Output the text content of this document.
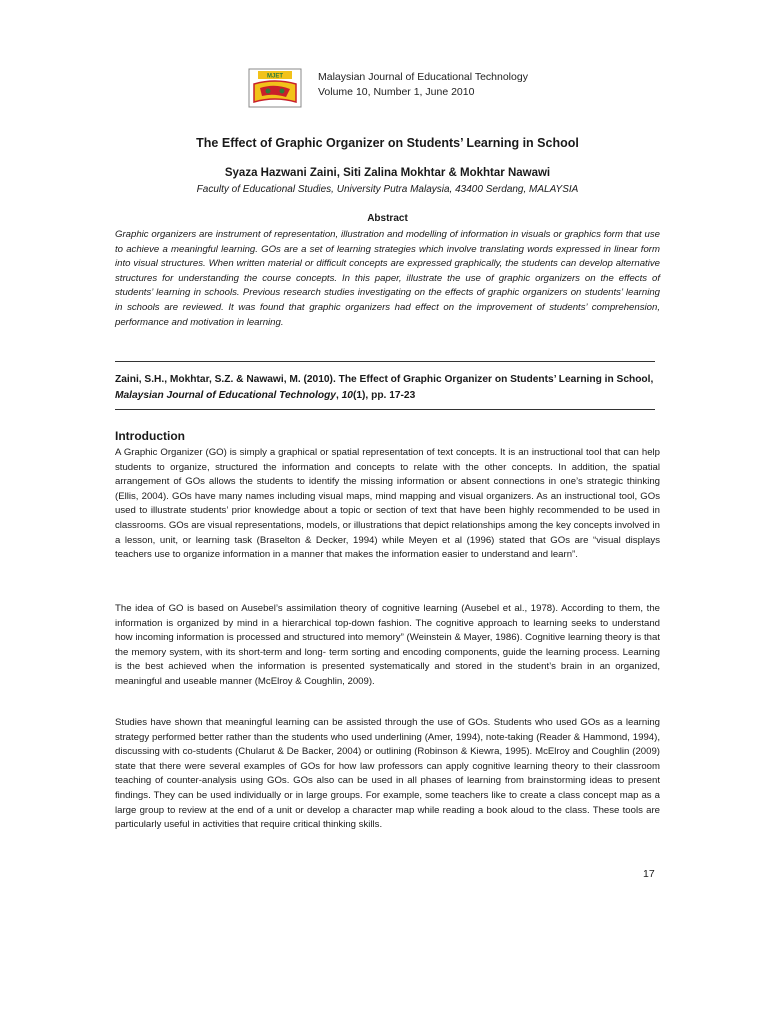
MJET	Malaysian Journal of Educational Technology
Volume 10, Number 1, June 2010
The Effect of Graphic Organizer on Students’ Learning in School
Syaza Hazwani Zaini, Siti Zalina Mokhtar & Mokhtar Nawawi
Faculty of Educational Studies, University Putra Malaysia, 43400 Serdang, MALAYSIA
Abstract

Graphic organizers are instrument of representation, illustration and modelling of information in visuals or graphics form that use to achieve a meaningful learning. GOs are a set of learning strategies which involve translating words expressed in linear form into visual structures. When written material or difficult concepts are expressed graphically, the students can develop alternative structures for understanding the course concepts. In this paper, illustrate the use of graphic organizers on the effects of students’ learning in schools. Previous research studies investigating on the effects of graphic organizers on students’ learning in schools are reviewed. It was found that graphic organizers had effect on the improvement of students’ comprehension, performance and motivation in learning.

Zaini, S.H., Mokhtar, S.Z. & Nawawi, M. (2010). The Effect of Graphic Organizer on Students’ Learning in School, Malaysian Journal of Educational Technology, 10(1), pp. 17-23

Introduction

A Graphic Organizer (GO) is simply a graphical or spatial representation of text concepts. It is an instructional tool that can help students to organize, structured the information and concepts to relate with the other concepts. In addition, the spatial arrangement of GOs allows the students to identify the missing information or absent connections in one’s strategic thinking (Ellis, 2004). GOs have many names including visual maps, mind mapping and visual organizers. As an instructional tool, GOs used to illustrate students’ prior knowledge about a topic or section of text that have been highly recommended to be used in classrooms. GOs are visual representations, models, or illustrations that depict relationships among the key concepts involved in a lesson, unit, or learning task (Braselton & Decker, 1994) while Meyen et al (1996) stated that GOs are “visual displays teachers use to organize information in a manner that makes the information easier to understand and learn”.

The idea of GO is based on Ausebel’s assimilation theory of cognitive learning (Ausebel et al., 1978). According to them, the information is organized by mind in a hierarchical top-down fashion. The cognitive approach to learning seeks to understand how incoming information is processed and structured into memory” (Weinstein & Mayer, 1986). Cognitive learning theory is that the memory system, with its short-term and long- term sorting and encoding components, guide the learning process. Learning is the best achieved when the information is presented systematically and stored in the student’s brain in an organized, meaningful and useable manner (McElroy & Coughlin, 2009).

Studies have shown that meaningful learning can be assisted through the use of GOs. Students who used GOs as a learning strategy performed better rather than the students who used underlining (Amer, 1994), note-taking (Reader & Hammond, 1994), discussing with co-students (Chularut & De Backer, 2004) or outlining (Robinson & Kiewra, 1995). McElroy and Coughlin (2009) state that there were several examples of GOs for how law professors can apply cognitive learning theory to their classroom teaching of counter-analysis using GOs. GOs also can be used in all phases of learning from brainstorming ideas to present findings. They can be used individually or in large groups. For example, some teachers like to create a class concept map as a large group to review at the end of a unit or develop a character map while reading a book aloud to the class. These tools are particularly useful in activities that require critical thinking skills.

17
